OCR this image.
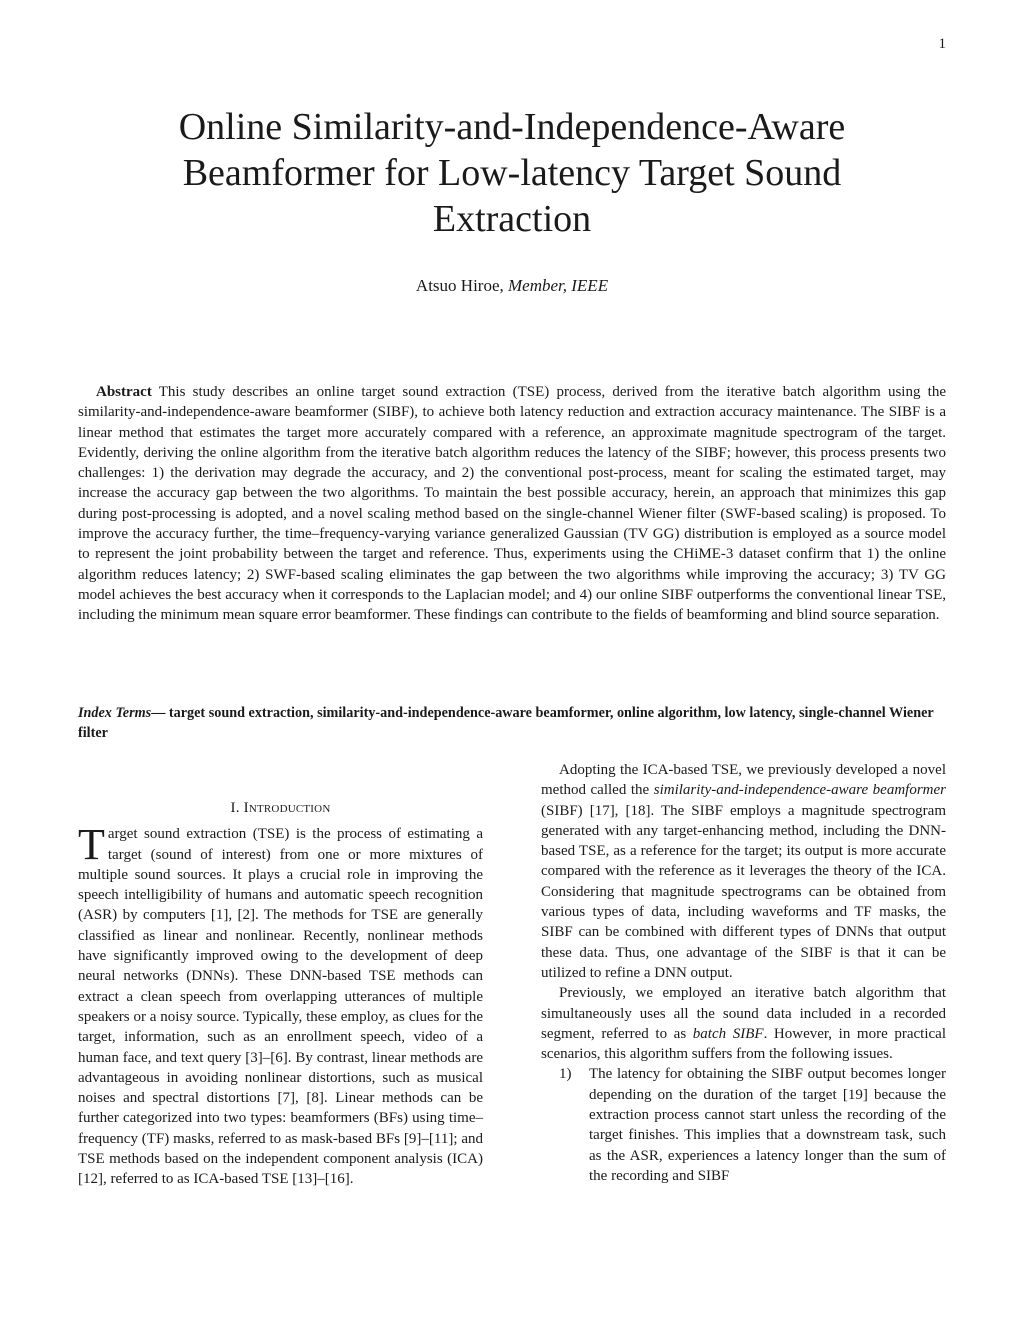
1
Online Similarity-and-Independence-Aware Beamformer for Low-latency Target Sound Extraction
Atsuo Hiroe, Member, IEEE

Abstract This study describes an online target sound extraction (TSE) process, derived from the iterative batch algorithm using the similarity-and-independence-aware beamformer (SIBF), to achieve both latency reduction and extraction accuracy maintenance. The SIBF is a linear method that estimates the target more accurately compared with a reference, an approximate magnitude spectrogram of the target. Evidently, deriving the online algorithm from the iterative batch algorithm reduces the latency of the SIBF; however, this process presents two challenges: 1) the derivation may degrade the accuracy, and 2) the conventional post-process, meant for scaling the estimated target, may increase the accuracy gap between the two algorithms. To maintain the best possible accuracy, herein, an approach that minimizes this gap during post-processing is adopted, and a novel scaling method based on the single-channel Wiener filter (SWF-based scaling) is proposed. To improve the accuracy further, the time–frequency-varying variance generalized Gaussian (TV GG) distribution is employed as a source model to represent the joint probability between the target and reference. Thus, experiments using the CHiME-3 dataset confirm that 1) the online algorithm reduces latency; 2) SWF-based scaling eliminates the gap between the two algorithms while improving the accuracy; 3) TV GG model achieves the best accuracy when it corresponds to the Laplacian model; and 4) our online SIBF outperforms the conventional linear TSE, including the minimum mean square error beamformer. These findings can contribute to the fields of beamforming and blind source separation.

Index Terms— target sound extraction, similarity-and-independence-aware beamformer, online algorithm, low latency, single-channel Wiener filter
I. Introduction

Target sound extraction (TSE) is the process of estimating a target (sound of interest) from one or more mixtures of multiple sound sources. It plays a crucial role in improving the speech intelligibility of humans and automatic speech recognition (ASR) by computers [1], [2]. The methods for TSE are generally classified as linear and nonlinear. Recently, nonlinear methods have significantly improved owing to the development of deep neural networks (DNNs). These DNN-based TSE methods can extract a clean speech from overlapping utterances of multiple speakers or a noisy source. Typically, these employ, as clues for the target, information, such as an enrollment speech, video of a human face, and text query [3]–[6]. By contrast, linear methods are advantageous in avoiding nonlinear distortions, such as musical noises and spectral distortions [7], [8]. Linear methods can be further categorized into two types: beamformers (BFs) using time–frequency (TF) masks, referred to as mask-based BFs [9]–[11]; and TSE methods based on the independent component analysis (ICA) [12], referred to as ICA-based TSE [13]–[16].

Adopting the ICA-based TSE, we previously developed a novel method called the similarity-and-independence-aware beamformer (SIBF) [17], [18]. The SIBF employs a magnitude spectrogram generated with any target-enhancing method, including the DNN-based TSE, as a reference for the target; its output is more accurate compared with the reference as it leverages the theory of the ICA. Considering that magnitude spectrograms can be obtained from various types of data, including waveforms and TF masks, the SIBF can be combined with different types of DNNs that output these data. Thus, one advantage of the SIBF is that it can be utilized to refine a DNN output.

Previously, we employed an iterative batch algorithm that simultaneously uses all the sound data included in a recorded segment, referred to as batch SIBF. However, in more practical scenarios, this algorithm suffers from the following issues.

1)	The latency for obtaining the SIBF output becomes longer depending on the duration of the target [19] because the extraction process cannot start unless the recording of the target finishes. This implies that a downstream task, such as the ASR, experiences a latency longer than the sum of the recording and SIBF
